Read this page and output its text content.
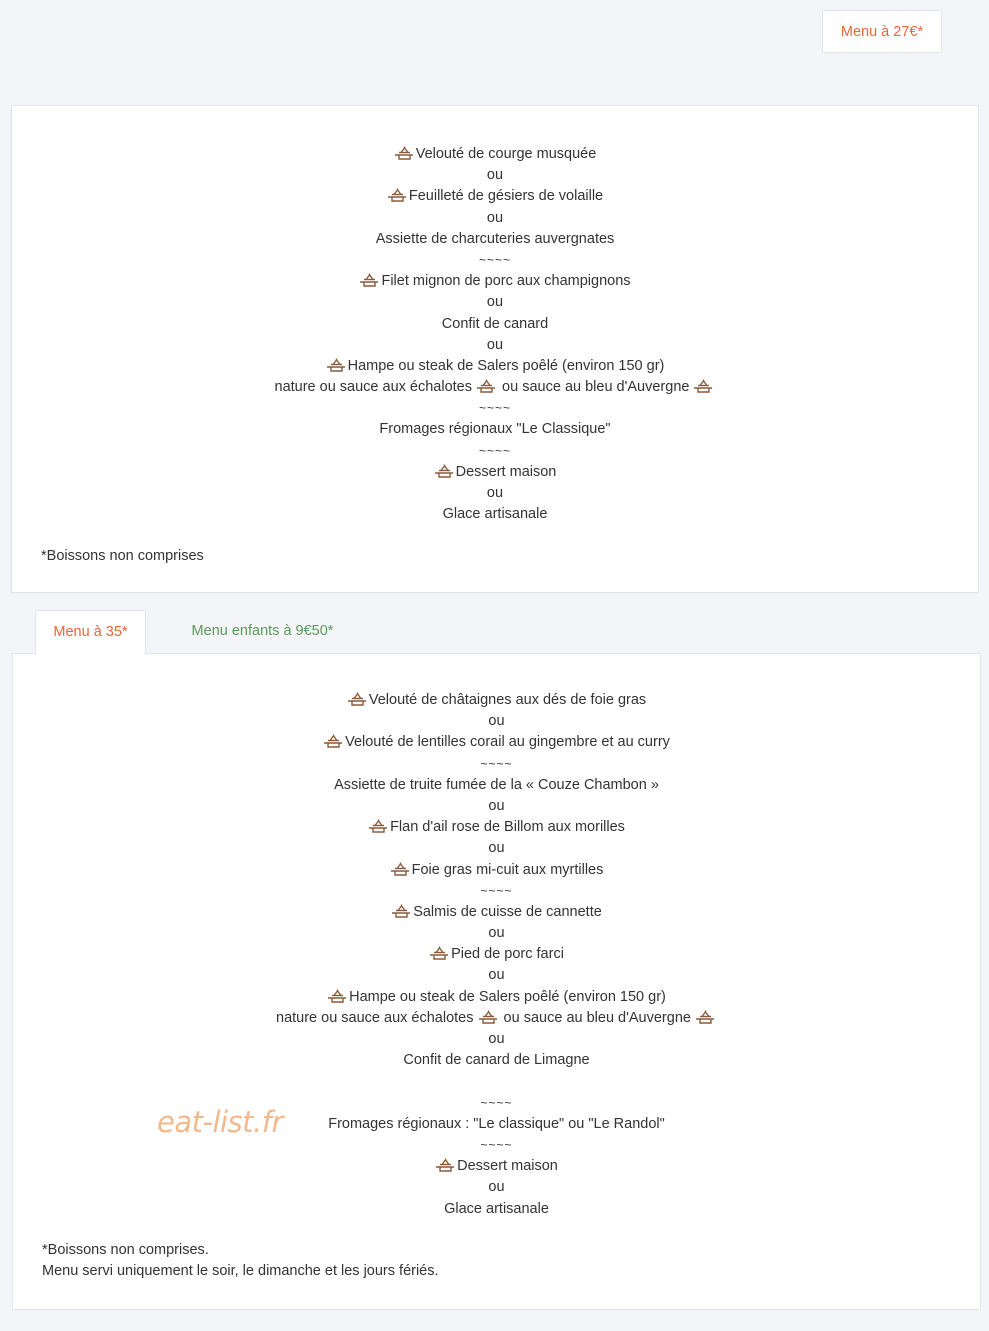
Menu à 27€*
Velouté de courge musquée
ou
Feuilleté de gésiers de volaille
ou
Assiette de charcuteries auvergnates
~~~~
Filet mignon de porc aux champignons
ou
Confit de canard
ou
Hampe ou steak de Salers poêlé (environ 150 gr)
nature ou sauce aux échalotes
ou sauce au bleu d'Auvergne
~~~~
Fromages régionaux "Le Classique"
~~~~
Dessert maison
ou
Glace artisanale
*Boissons non comprises
Menu à 35*	Menu enfants à 9€50*
Velouté de châtaignes aux dés de foie gras
ou
Velouté de lentilles corail au gingembre et au curry
~~~~
Assiette de truite fumée de la « Couze Chambon »
ou
Flan d'ail rose de Billom aux morilles
ou
Foie gras mi-cuit aux myrtilles
~~~~
Salmis de cuisse de cannette
ou
Pied de porc farci
ou
Hampe ou steak de Salers poêlé (environ 150 gr)
nature ou sauce aux échalotes
ou sauce au bleu d'Auvergne
ou
Confit de canard de Limagne
~~~~
Fromages régionaux : "Le classique" ou "Le Randol"
~~~~
Dessert maison
ou
Glace artisanale
*Boissons non comprises.
Menu servi uniquement le soir, le dimanche et les jours fériés.
eat-list.fr
